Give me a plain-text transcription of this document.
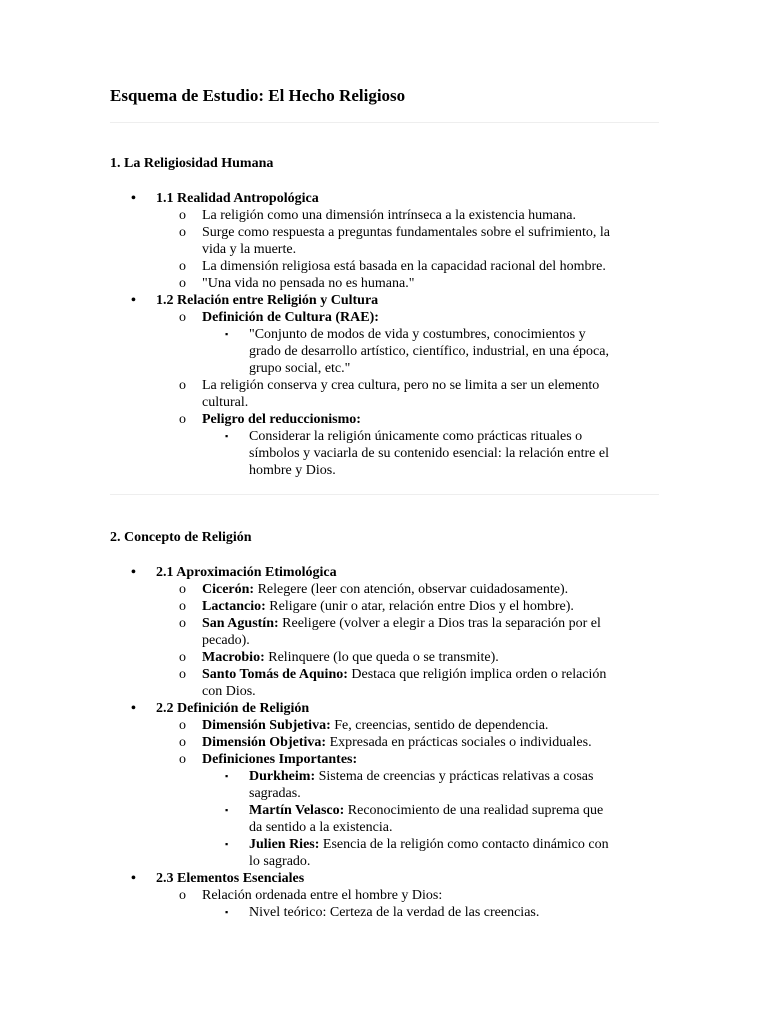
Esquema de Estudio: El Hecho Religioso
1. La Religiosidad Humana
• 1.1 Realidad Antropológica
o La religión como una dimensión intrínseca a la existencia humana.
o Surge como respuesta a preguntas fundamentales sobre el sufrimiento, la
vida y la muerte.
o La dimensión religiosa está basada en la capacidad racional del hombre.
o "Una vida no pensada no es humana."
• 1.2 Relación entre Religión y Cultura
o Definición de Cultura (RAE):
▪ "Conjunto de modos de vida y costumbres, conocimientos y
grado de desarrollo artístico, científico, industrial, en una época,
grupo social, etc."
o La religión conserva y crea cultura, pero no se limita a ser un elemento
cultural.
o Peligro del reduccionismo:
▪ Considerar la religión únicamente como prácticas rituales o
símbolos y vaciarla de su contenido esencial: la relación entre el
hombre y Dios.
2. Concepto de Religión
• 2.1 Aproximación Etimológica
o Cicerón: Relegere (leer con atención, observar cuidadosamente).
o Lactancio: Religare (unir o atar, relación entre Dios y el hombre).
o San Agustín: Reeligere (volver a elegir a Dios tras la separación por el
pecado).
o Macrobio: Relinquere (lo que queda o se transmite).
o Santo Tomás de Aquino: Destaca que religión implica orden o relación
con Dios.
• 2.2 Definición de Religión
o Dimensión Subjetiva: Fe, creencias, sentido de dependencia.
o Dimensión Objetiva: Expresada en prácticas sociales o individuales.
o Definiciones Importantes:
▪ Durkheim: Sistema de creencias y prácticas relativas a cosas
sagradas.
▪ Martín Velasco: Reconocimiento de una realidad suprema que
da sentido a la existencia.
▪ Julien Ries: Esencia de la religión como contacto dinámico con
lo sagrado.
• 2.3 Elementos Esenciales
o Relación ordenada entre el hombre y Dios:
▪ Nivel teórico: Certeza de la verdad de las creencias.
